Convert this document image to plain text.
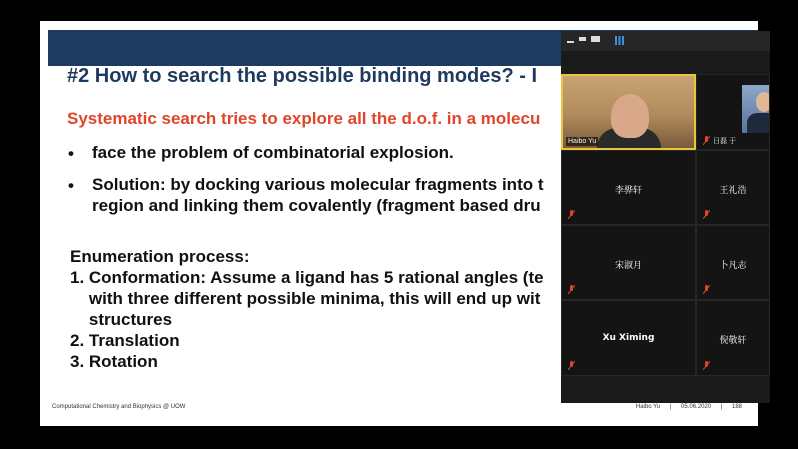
#2 How to search the possible binding modes? - I
Systematic search tries to explore all the d.o.f. in a molecu
• face the problem of combinatorial explosion.
• Solution: by docking various molecular fragments into t
region and linking them covalently (fragment based dru
Enumeration process:
1. Conformation: Assume a ligand has 5 rational angles (te
with three different possible minima, this will end up wit
structures
2. Translation
3. Rotation
Computational Chemistry and Biophysics @ UOW	Haibo Yu | 05.06.2020 | 188
Haibo Yu	日磊 于
李骅轩	王礼浩
宋淑月	卜凡志
Xu Ximing	倪敬轩
